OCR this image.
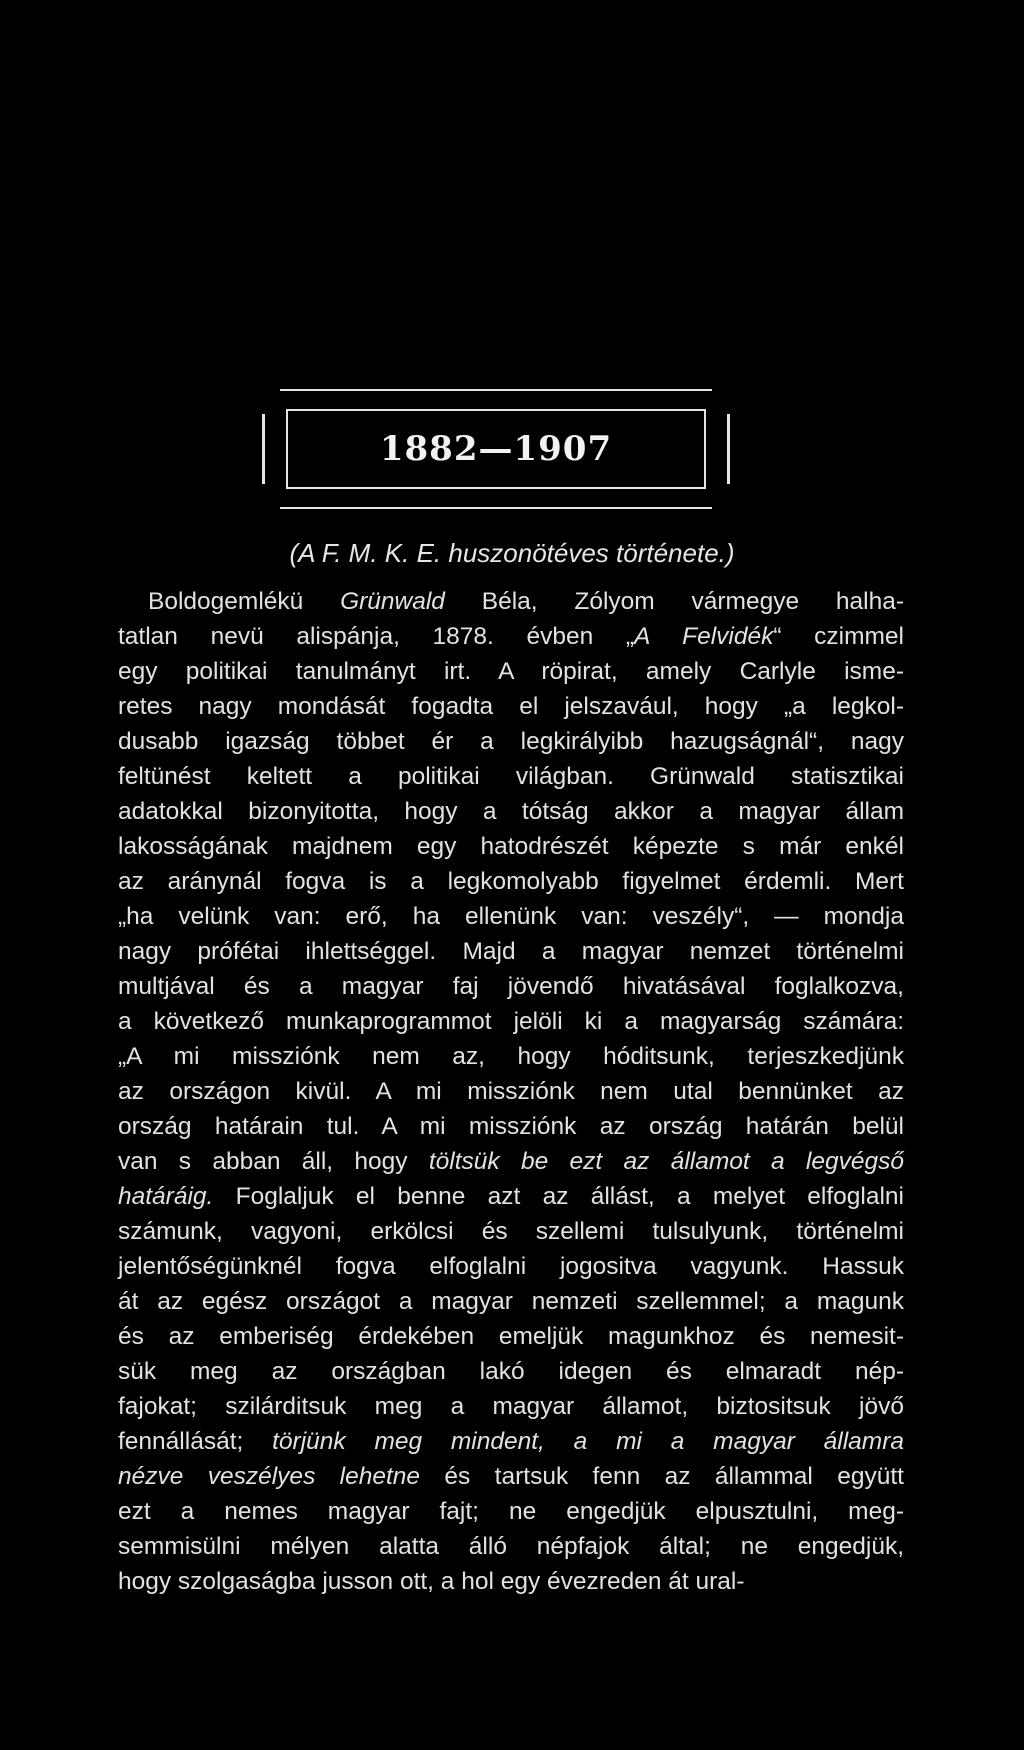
1882—1907
(A F. M. K. E. huszonötéves története.)
Boldogemlékü Grünwald Béla, Zólyom vármegye halha-
tatlan nevü alispánja, 1878. évben „A Felvidék“ czimmel
egy politikai tanulmányt irt. A röpirat, amely Carlyle isme-
retes nagy mondását fogadta el jelszavául, hogy „a legkol-
dusabb igazság többet ér a legkirályibb hazugságnál“, nagy
feltünést keltett a politikai világban. Grünwald statisztikai
adatokkal bizonyitotta, hogy a tótság akkor a magyar állam
lakosságának majdnem egy hatodrészét képezte s már enkél
az aránynál fogva is a legkomolyabb figyelmet érdemli. Mert
„ha velünk van: erő, ha ellenünk van: veszély“, — mondja
nagy prófétai ihlettséggel. Majd a magyar nemzet történelmi
multjával és a magyar faj jövendő hivatásával foglalkozva,
a következő munkaprogrammot jelöli ki a magyarság számára:
„A mi missziónk nem az, hogy hóditsunk, terjeszkedjünk
az országon kivül. A mi missziónk nem utal bennünket az
ország határain tul. A mi missziónk az ország határán belül
van s abban áll, hogy töltsük be ezt az államot a legvégső
határáig. Foglaljuk el benne azt az állást, a melyet elfoglalni
számunk, vagyoni, erkölcsi és szellemi tulsulyunk, történelmi
jelentőségünknél fogva elfoglalni jogositva vagyunk. Hassuk
át az egész országot a magyar nemzeti szellemmel; a magunk
és az emberiség érdekében emeljük magunkhoz és nemesit-
sük meg az országban lakó idegen és elmaradt nép-
fajokat; szilárditsuk meg a magyar államot, biztositsuk jövő
fennállását; törjünk meg mindent, a mi a magyar államra
nézve veszélyes lehetne és tartsuk fenn az állammal együtt
ezt a nemes magyar fajt; ne engedjük elpusztulni, meg-
semmisülni mélyen alatta álló népfajok által; ne engedjük,
hogy szolgaságba jusson ott, a hol egy évezreden át ural-
